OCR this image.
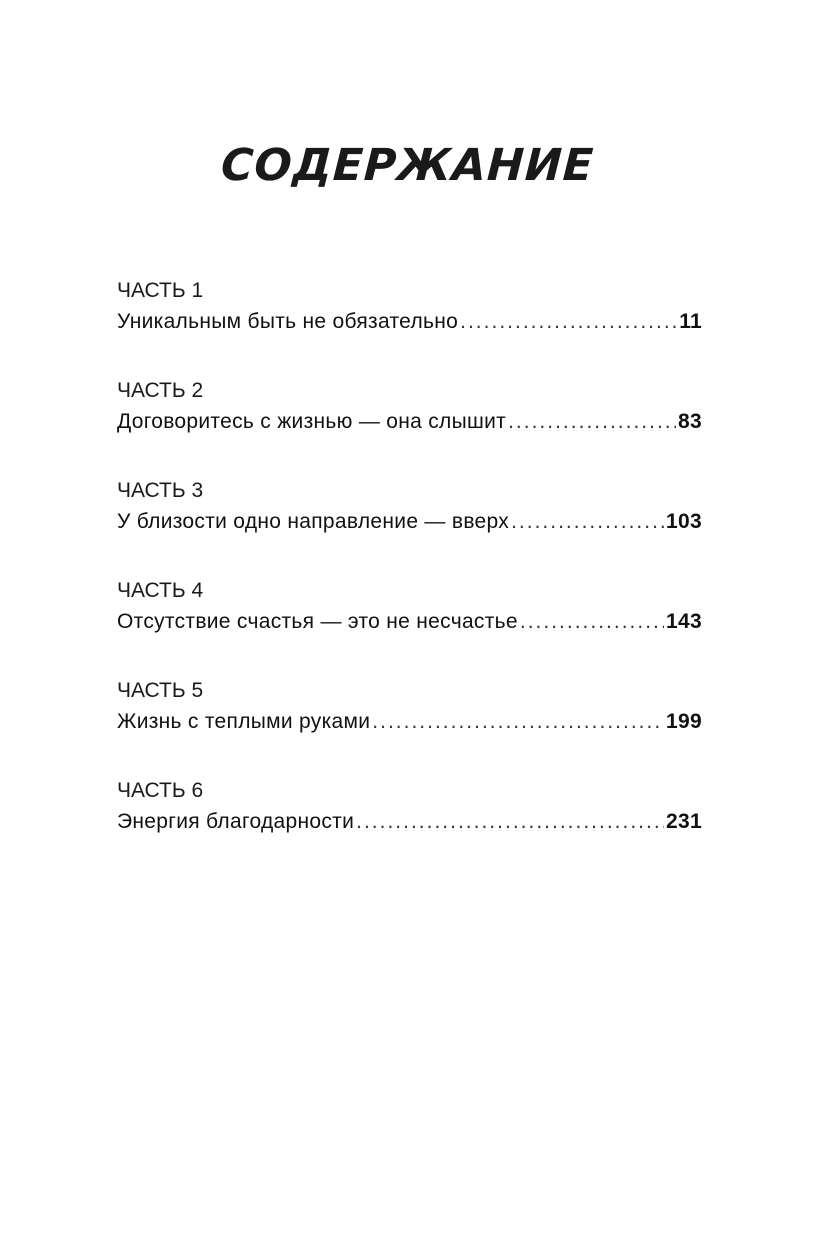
СОДЕРЖАНИЕ
ЧАСТЬ 1
Уникальным быть не обязательно .....	11
ЧАСТЬ 2
Договоритесь с жизнью — она слышит .....	83
ЧАСТЬ 3
У близости одно направление — вверх .....	103
ЧАСТЬ 4
Отсутствие счастья — это не несчастье .....	143
ЧАСТЬ 5
Жизнь с теплыми руками .....	199
ЧАСТЬ 6
Энергия благодарности .....	231
